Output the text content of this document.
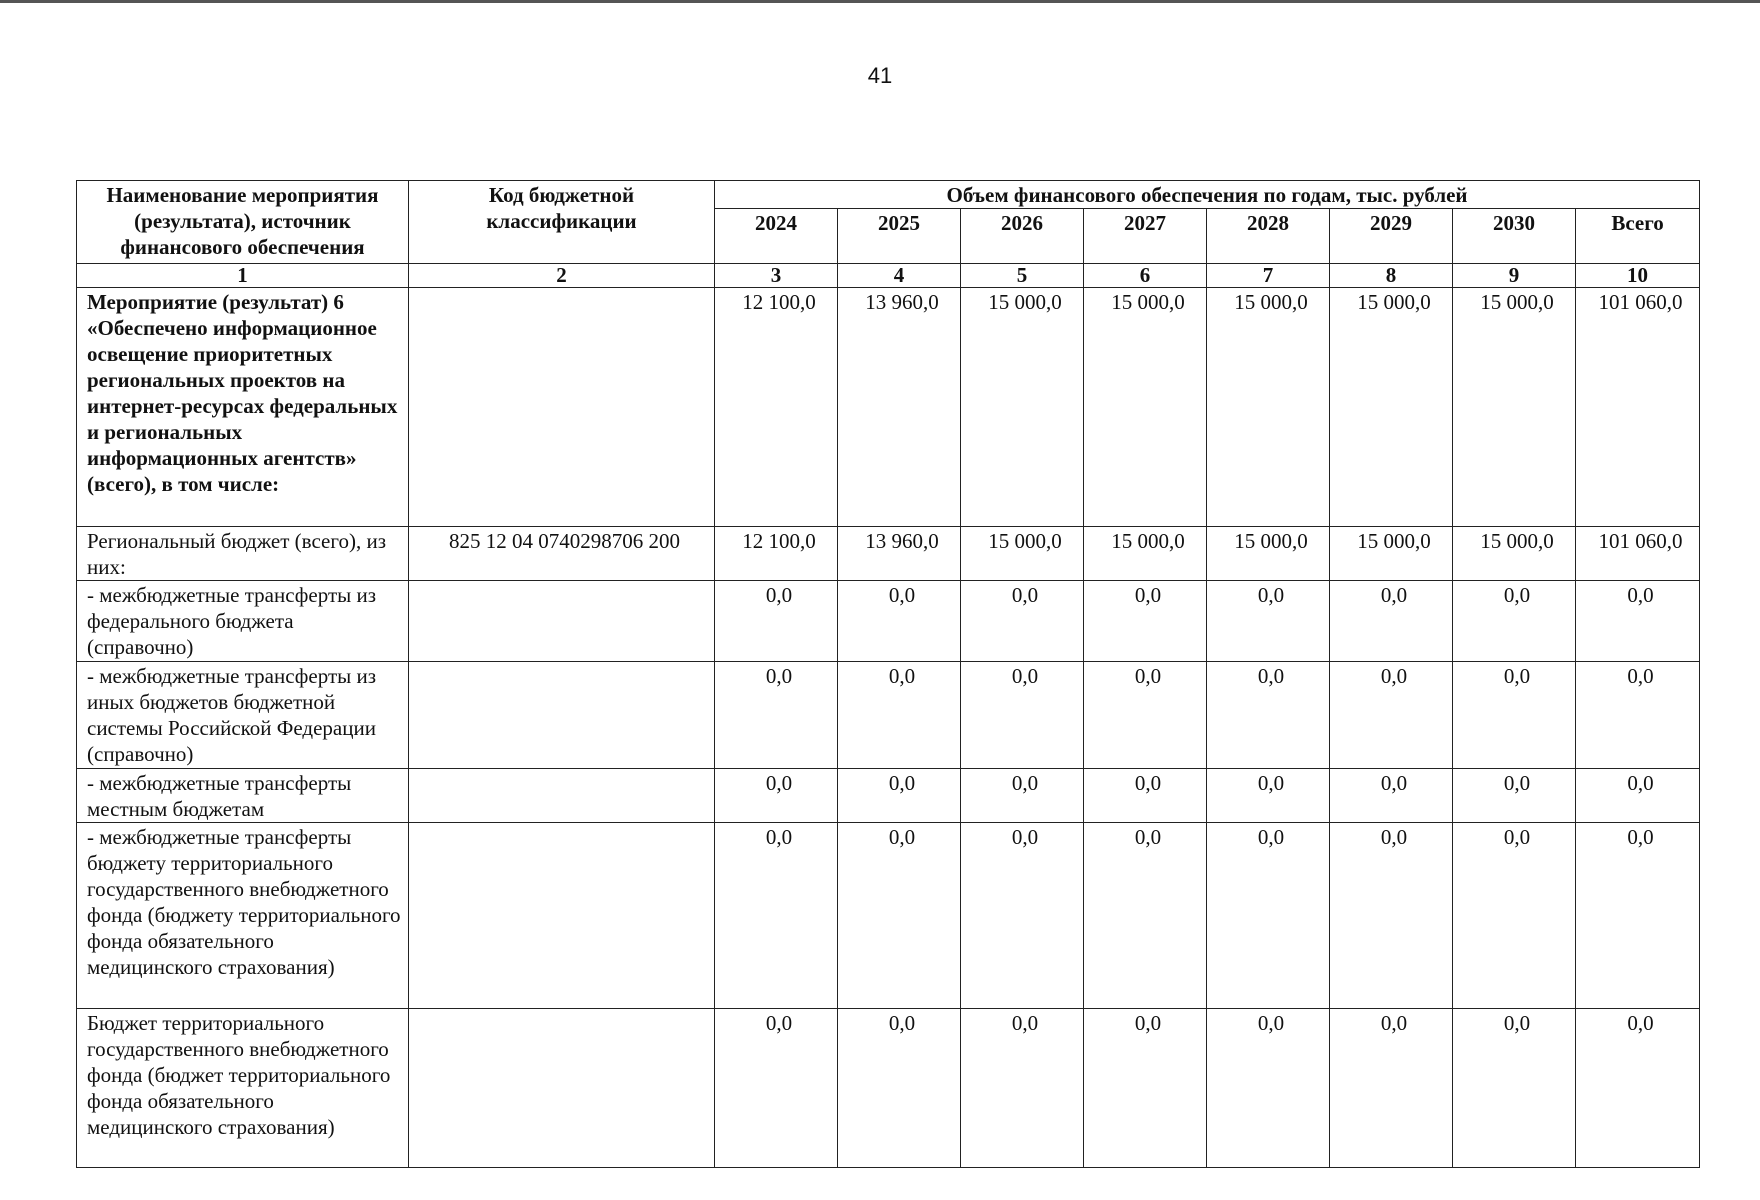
41
Наименование мероприятия (результата), источник финансового обеспечения	Код бюджетной классификации	Объем финансового обеспечения по годам, тыс. рублей							
		2024	2025	2026	2027	2028	2029	2030	Всего
1	2	3	4	5	6	7	8	9	10
Мероприятие (результат) 6 «Обеспечено информационное освещение приоритетных региональных проектов на интернет-ресурсах федеральных и региональных информационных агентств» (всего), в том числе:		12 100,0	13 960,0	15 000,0	15 000,0	15 000,0	15 000,0	15 000,0	101 060,0
Региональный бюджет (всего), из них:	825 12 04 0740298706 200	12 100,0	13 960,0	15 000,0	15 000,0	15 000,0	15 000,0	15 000,0	101 060,0
- межбюджетные трансферты из федерального бюджета (справочно)		0,0	0,0	0,0	0,0	0,0	0,0	0,0	0,0
- межбюджетные трансферты из иных бюджетов бюджетной системы Российской Федерации (справочно)		0,0	0,0	0,0	0,0	0,0	0,0	0,0	0,0
- межбюджетные трансферты местным бюджетам		0,0	0,0	0,0	0,0	0,0	0,0	0,0	0,0
- межбюджетные трансферты бюджету территориального государственного внебюджетного фонда (бюджету территориального фонда обязательного медицинского страхования)		0,0	0,0	0,0	0,0	0,0	0,0	0,0	0,0
Бюджет территориального государственного внебюджетного фонда (бюджет территориального фонда обязательного медицинского страхования)		0,0	0,0	0,0	0,0	0,0	0,0	0,0	0,0
